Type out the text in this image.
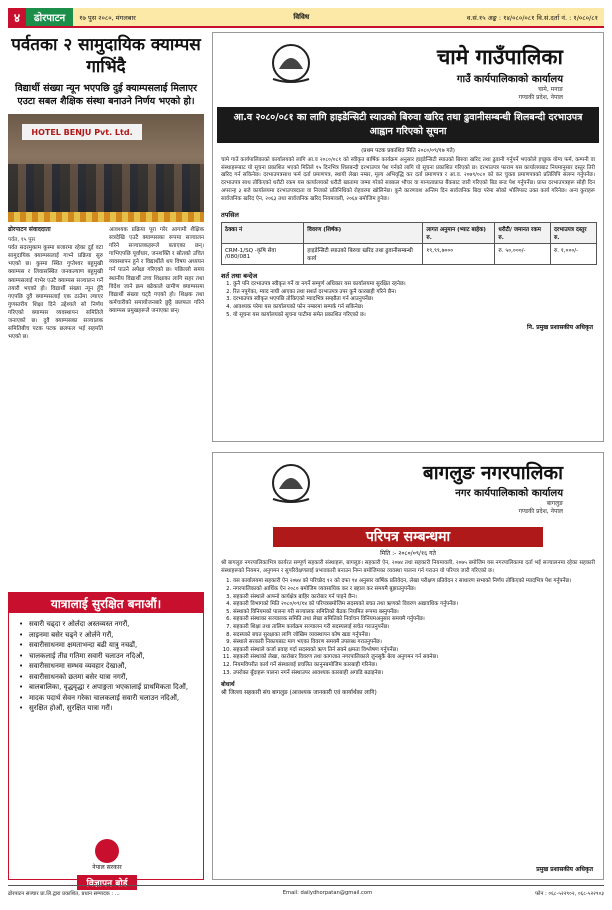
४	ढोरपाटन	१७ पुस २०८०, मंगलबार	विविध	व.सं.१५ अङ्क : १४/०८०/०८१ वि.सं.दर्ता नं. : १/०८०/८१
पर्वतका २ सामुदायिक क्याम्पस गाभिंदै
विद्यार्थी संख्या न्यून भएपछि दुई क्याम्पसलाई मिलाएर एउटा सबल शैक्षिक संस्था बनाउने निर्णय भएको हो।
HOTEL BENJU Pvt. Ltd.
ढोरपाटन संवाददाता
पर्वत, १५ पुस
पर्वत सदरमुकाम कुस्मा बजारमा रहेका दुई वटा सामुदायिक क्याम्पसलाई गाभ्ने प्रक्रिया सुरु भएको छ। कुस्मा स्थित गुप्तेश्वर बहुमुखी क्याम्पस र लिवासस्थित जनकल्याण बहुमुखी क्याम्पसलाई गाभेर एउटै क्याम्पस सञ्चालन गर्ने तयारी भएको हो। विद्यार्थी संख्या न्यून हुँदै गएपछि दुवै क्याम्पसलाई एक ठाउँमा ल्याएर गुणस्तरीय शिक्षा दिने उद्देश्यले सो निर्णय गरिएको क्याम्पस व्यवस्थापन समितिले जनाएको छ। दुवै क्याम्पसका सञ्चालक समितिबीच पटक पटक छलफल भई सहमति भएको छ।
आवश्यक प्रक्रिया पूरा गरेर आगामी शैक्षिक सत्रदेखि एउटै क्याम्पसका रूपमा सञ्चालन गरिने सञ्चालकहरूले बताएका छन्। गाभिएपछि पूर्वाधार, जनशक्ति र स्रोतको उचित व्यवस्थापन हुने र विद्यार्थीले थप विषय अध्ययन गर्न पाउने अपेक्षा गरिएको छ। पछिल्लो समय स्थानीय विद्यार्थी उच्च शिक्षाका लागि सहर तथा विदेश जाने क्रम बढेकाले ग्रामीण क्याम्पसमा विद्यार्थी संख्या घट्दै गएको हो। शिक्षक तथा कर्मचारीको समायोजनबारे छुट्टै छलफल गरिने क्याम्पस प्रमुखहरूले जनाएका छन्।
यात्रालाई सुरक्षित बनाऔं।
• सवारी चढ्दा र ओर्लदा अस्तव्यस्त नगरौं,
• लाइनमा बसेर चढ्ने र ओर्लने गरौं,
• सवारीसाधनमा क्षमताभन्दा बढी यात्रु नचढौं,
• चालकलाई तीव्र गतिमा सवारी चलाउन नदिऔं,
• सवारीसाधनमा सम्भव व्यवहार देखाऔं,
• सवारीसाधनको छतमा बसेर यात्रा नगरौं,
• बालबालिका, वृद्धवृद्धा र अपाङ्गता भएकालाई प्राथमिकता दिऔं,
• मादक पदार्थ सेवन गरेका चालकलाई सवारी चलाउन नदिऔं,
• सुरक्षित होऔं, सुरक्षित यात्रा गरौं।
नेपाल सरकार
विज्ञापन बोर्ड
चामे गाउँपालिका
गाउँ कार्यपालिकाको कार्यालय
चामे, मनाङ
गण्डकी प्रदेश, नेपाल
आ.व २०८०/०८१ का लागि हाइडेन्सिटी स्याउको बिरुवा खरिद तथा ढुवानीसम्बन्धी शिलबन्दी दरभाउपत्र आह्वान गरिएको सूचना
(प्रथम पटक प्रकाशित मिति २०८०/०९/१७ गते)
चामे गाउँ कार्यपालिकाको कार्यालयको लागि आ.व २०८०/०८१ को स्वीकृत बार्षिक कार्यक्रम अनुसार हाइडेन्सिटी स्याउको बिरुवा खरिद तथा ढुवानी गर्नुपर्ने भएकोले इच्छुक योग्य फर्म, कम्पनी वा संस्थाहरूबाट यो सूचना प्रकाशित भएको मितिले १५ दिनभित्र शिलबन्दी दरभाउपत्र पेश गर्नको लागि यो सूचना प्रकाशित गरिएको छ। दरभाउपत्र फाराम यस कार्यालयबाट नियमानुसार दस्तुर तिरी खरिद गर्न सकिनेछ। दरभाउपत्रसाथ फर्म दर्ता प्रमाणपत्र, स्थायी लेखा नम्बर, मूल्य अभिवृद्धि कर दर्ता प्रमाणपत्र र आ.व. २०७९/०८० को कर चुक्ता प्रमाणपत्रको प्रतिलिपि संलग्न गर्नुपर्नेछ। दरभाउपत्र साथ तोकिएको धरौटी रकम यस कार्यालयको धरौटी खातामा जम्मा गरेको सक्कल भौचर वा मान्यताप्राप्त बैंकबाट जारी गरिएको बिड बन्ड पेश गर्नुपर्नेछ। प्राप्त दरभाउपत्रहरू सोही दिन अपरान्ह ३ बजे कार्यालयमा दरभाउपत्रदाता वा निजको प्रतिनिधिको रोहवरमा खोलिनेछ। कुनै कारणवश अन्तिम दिन सार्वजनिक बिदा परेमा सोको भोलिपल्ट उक्त कार्य गरिनेछ। अन्य कुराहरू सार्वजनिक खरिद ऐन, २०६३ तथा सार्वजनिक खरिद नियमावली, २०६४ बमोजिम हुनेछ।
तपसिल
ठेक्का नं	विवरण (शिर्षक)	लागत अनुमान (भ्याट बाहेक) रु.	धरौटी/ जमानत रकम रु.	दरभाउपत्र दस्तुर रु.
CRM-1/SQ -कृषि सेवा /080/081	हाइडेन्सिटी स्याउको बिरुवा खरिद तथा ढुवानीसम्बन्धी कार्य	१९,९९,७०००	रु. ५०,०००/-	रु. १,०००/-
शर्त तथा बन्देज
1. कुनै पनि दरभाउपत्र स्वीकृत गर्ने वा नगर्ने सम्पूर्ण अधिकार यस कार्यालयमा सुरक्षित रहनेछ।
2. रित नपुगेका, म्याद नाघी आएका तथा सशर्त दरभाउपत्र उपर कुनै कारबाही गरिने छैन।
3. दरभाउपत्र स्वीकृत भएपछि तोकिएको म्यादभित्र सम्झौता गर्न आउनुपर्नेछ।
4. आवश्यक परेमा यस कार्यालयको फोन नम्बरमा सम्पर्क गर्न सकिनेछ।
5. यो सूचना यस कार्यालयको सूचना पाटीमा समेत प्रकाशित गरिएको छ।
नि. प्रमुख प्रशासकीय अधिकृत
बागलुङ नगरपालिका
नगर कार्यपालिकाको कार्यालय
बागलुङ
गण्डकी प्रदेश, नेपाल
परिपत्र सम्बन्धमा
मिति :- २०८०/०९/१६ गते
श्री बागलुङ नगरपालिकाभित्र कार्यरत सम्पूर्ण सहकारी संस्थाहरू, बागलुङ। सहकारी ऐन, २०७४ तथा सहकारी नियमावली, २०७५ बमोजिम यस नगरपालिकामा दर्ता भई सञ्चालनमा रहेका सहकारी संस्थाहरूको नियमन, अनुगमन र सुपरिवेक्षणलाई प्रभावकारी बनाउन निम्न बमोजिमका व्यवस्था पालना गर्न गराउन यो परिपत्र जारी गरिएको छ।
1. यस कार्यालयमा सहकारी ऐन २०७४ को परिच्छेद १२ को दफा ९४ अनुसार वार्षिक प्रतिवेदन, लेखा परीक्षण प्रतिवेदन र साधारण सभाको निर्णय तोकिएको म्यादभित्र पेश गर्नुपर्नेछ।
2. नगरपालिकाको आर्थिक ऐन २०८० बमोजिम व्यवसायिक कर र बहाल कर समयमै बुझाउनुपर्नेछ।
3. सहकारी संस्थाले आफ्नो कार्यक्षेत्र बाहिर कारोबार गर्न पाइने छैन।
4. सहकारी विभागको मिति २०८०/०९/१४ को परिपत्रबमोजिम सदस्यको बचत तथा ऋणको विवरण अद्यावधिक गर्नुपर्नेछ।
5. संस्थाको विनियमको पालना गरी सञ्चालक समितिको बैठक नियमित रूपमा बस्नुपर्नेछ।
6. सहकारी संस्थाका सञ्चालक समिति तथा लेखा समितिको निर्वाचन विनियमअनुसार समयमै गर्नुपर्नेछ।
7. सहकारी शिक्षा तथा तालिम कार्यक्रम सञ्चालन गरी सदस्यलाई सचेत गराउनुपर्नेछ।
8. सदस्यको बचत सुरक्षाका लागि जोखिम व्यवस्थापन कोष खडा गर्नुपर्नेछ।
9. संस्थाले सरकारी निकायबाट माग भएका विवरण समयमै उपलब्ध गराउनुपर्नेछ।
10. सहकारी संस्थाले कर्जा प्रवाह गर्दा सदस्यको ऋण तिर्न सक्ने क्षमता विश्लेषण गर्नुपर्नेछ।
11. सहकारी संस्थाको लेखा, कारोबार विवरण तथा कागजात नगरपालिकाले जुनसुकै बेला अनुगमन गर्न सक्नेछ।
12. नियमविपरीत कार्य गर्ने संस्थालाई प्रचलित कानुनबमोजिम कारबाही गरिनेछ।
13. उपरोक्त बुँदाहरू पालना नगर्ने संस्थाउपर आवश्यक कारबाही अगाडि बढाइनेछ।
बोधार्थ
श्री जिल्ला सहकारी संघ बागलुङ (आवश्यक जानकारी एवं कार्यार्थका लागि)
प्रमुख प्रशासकीय अधिकृत
ढोरपाटन सञ्चार प्रा.लि.द्वारा प्रकाशित, प्रधान सम्पादक : ...	Email: dailydhorpatan@gmail.com	फोन : ०६८-५२२९०२, ०६८-५२२९०३
